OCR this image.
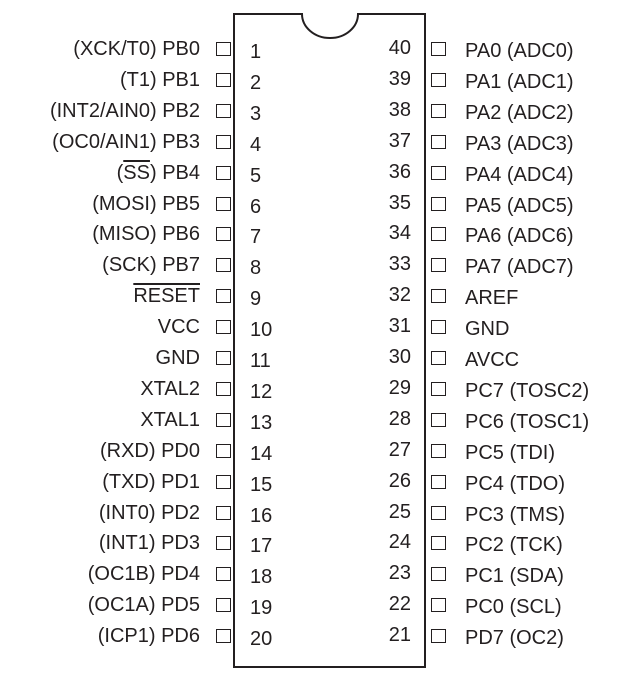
(XCK/T0) PB0	1
(T1) PB1	2
(INT2/AIN0) PB2	3
(OC0/AIN1) PB3	4
$(\overline{SS})$ PB4	5
(MOSI) PB5	6
(MISO) PB6	7
(SCK) PB7	8
RESET	9
VCC	10
GND	11
XTAL2	12
XTAL1	13
(RXD) PD0	14
(TXD) PD1	15
(INT0) PD2	16
(INT1) PD3	17
(OC1B) PD4	18
(OC1A) PD5	19
(ICP1) PD6	20
40	PA0 (ADC0)
39	PA1 (ADC1)
38	PA2 (ADC2)
37	PA3 (ADC3)
36	PA4 (ADC4)
35	PA5 (ADC5)
34	PA6 (ADC6)
33	PA7 (ADC7)
32	AREF
31	GND
30	AVCC
29	PC7 (TOSC2)
28	PC6 (TOSC1)
27	PC5 (TDI)
26	PC4 (TDO)
25	PC3 (TMS)
24	PC2 (TCK)
23	PC1 (SDA)
22	PC0 (SCL)
21	PD7 (OC2)
